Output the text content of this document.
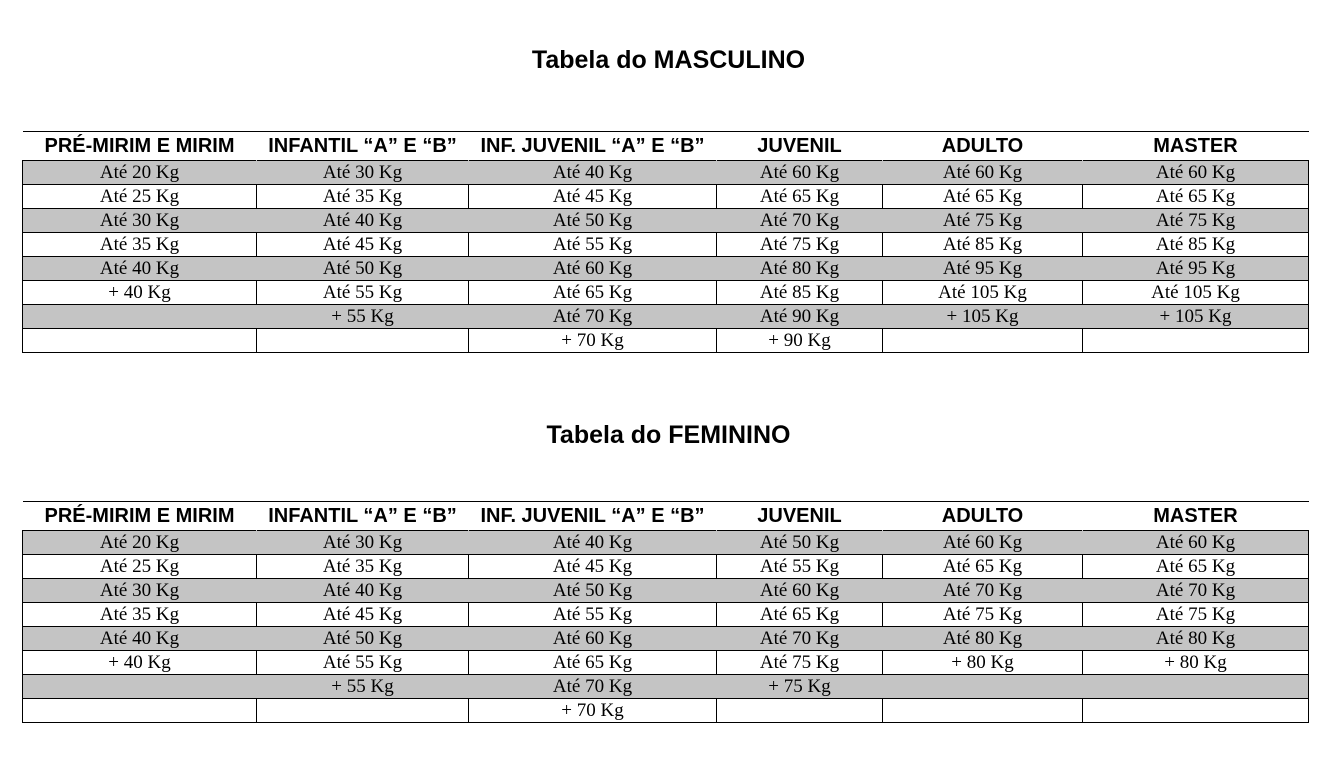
Tabela do MASCULINO
PRÉ-MIRIM E MIRIM	INFANTIL “A” E “B”	INF. JUVENIL “A” E “B”	JUVENIL	ADULTO	MASTER
Até 20 Kg	Até 30 Kg	Até 40 Kg	Até 60 Kg	Até 60 Kg	Até 60 Kg
Até 25 Kg	Até 35 Kg	Até 45 Kg	Até 65 Kg	Até 65 Kg	Até 65 Kg
Até 30 Kg	Até 40 Kg	Até 50 Kg	Até 70 Kg	Até 75 Kg	Até 75 Kg
Até 35 Kg	Até 45 Kg	Até 55 Kg	Até 75 Kg	Até 85 Kg	Até 85 Kg
Até 40 Kg	Até 50 Kg	Até 60 Kg	Até 80 Kg	Até 95 Kg	Até 95 Kg
+ 40 Kg	Até 55 Kg	Até 65 Kg	Até 85 Kg	Até 105 Kg	Até 105 Kg
	+ 55 Kg	Até 70 Kg	Até 90 Kg	+ 105 Kg	+ 105 Kg
		+ 70 Kg	+ 90 Kg		
Tabela do FEMININO
PRÉ-MIRIM E MIRIM	INFANTIL “A” E “B”	INF. JUVENIL “A” E “B”	JUVENIL	ADULTO	MASTER
Até 20 Kg	Até 30 Kg	Até 40 Kg	Até 50 Kg	Até 60 Kg	Até 60 Kg
Até 25 Kg	Até 35 Kg	Até 45 Kg	Até 55 Kg	Até 65 Kg	Até 65 Kg
Até 30 Kg	Até 40 Kg	Até 50 Kg	Até 60 Kg	Até 70 Kg	Até 70 Kg
Até 35 Kg	Até 45 Kg	Até 55 Kg	Até 65 Kg	Até 75 Kg	Até 75 Kg
Até 40 Kg	Até 50 Kg	Até 60 Kg	Até 70 Kg	Até 80 Kg	Até 80 Kg
+ 40 Kg	Até 55 Kg	Até 65 Kg	Até 75 Kg	+ 80 Kg	+ 80 Kg
	+ 55 Kg	Até 70 Kg	+ 75 Kg		
		+ 70 Kg			
